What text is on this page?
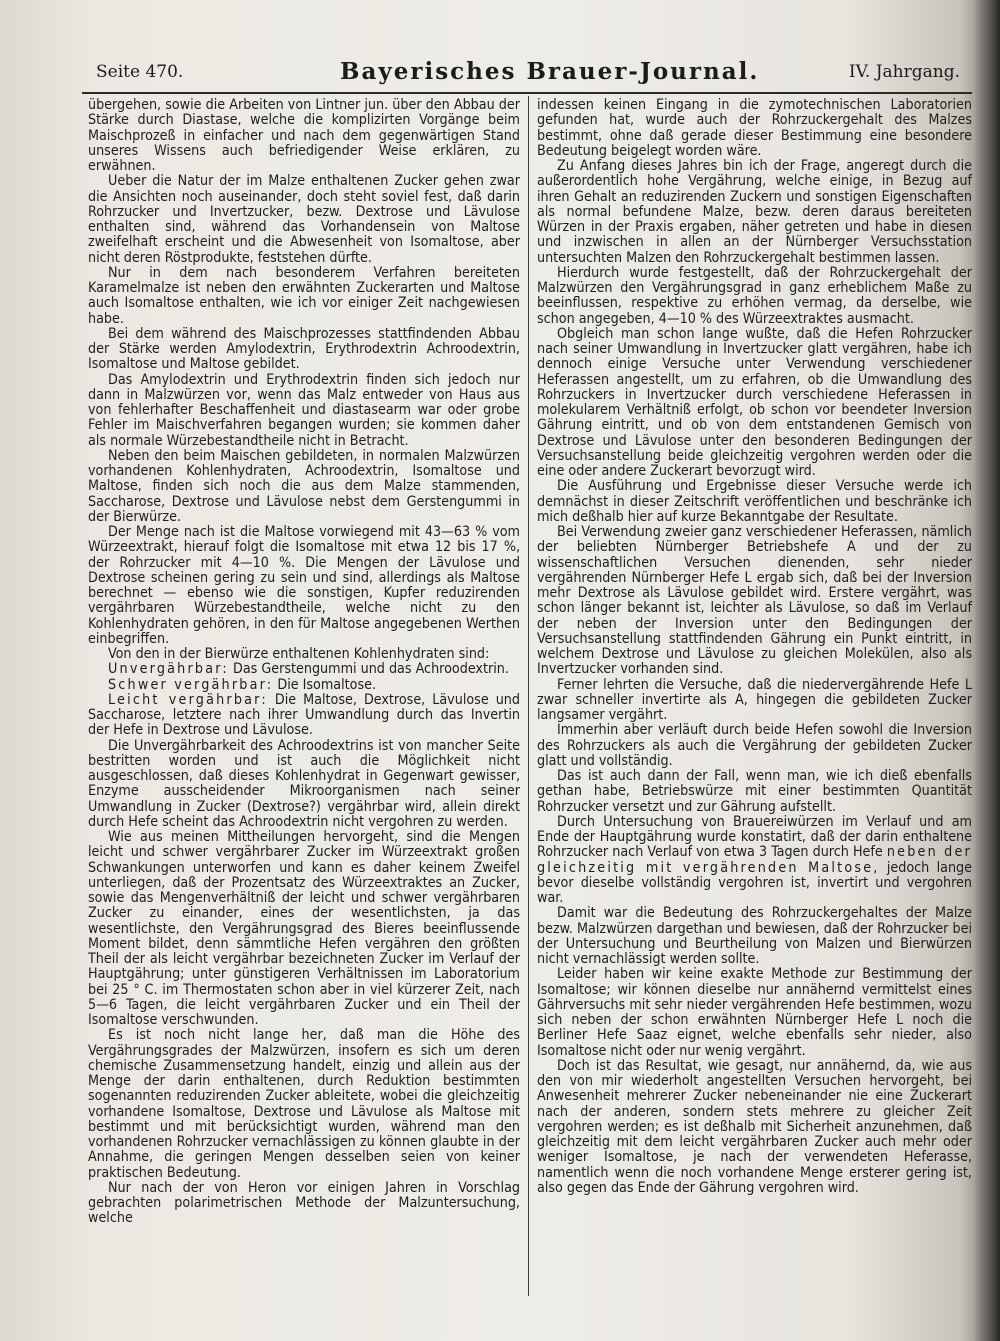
Seite 470.	Bayerisches Brauer-Journal.	IV. Jahrgang.

übergehen, sowie die Arbeiten von Lintner jun. über den Abbau der Stärke durch Diastase, welche die komplizirten Vorgänge beim Maischprozeß in einfacher und nach dem gegenwärtigen Stand unseres Wissens auch befriedigender Weise erklären, zu erwähnen.

Ueber die Natur der im Malze enthaltenen Zucker gehen zwar die Ansichten noch auseinander, doch steht soviel fest, daß darin Rohrzucker und Invertzucker, bezw. Dextrose und Lävulose enthalten sind, während das Vorhandensein von Maltose zweifelhaft erscheint und die Abwesenheit von Isomaltose, aber nicht deren Röstprodukte, feststehen dürfte.

Nur in dem nach besonderem Verfahren bereiteten Karamelmalze ist neben den erwähnten Zuckerarten und Maltose auch Isomaltose enthalten, wie ich vor einiger Zeit nachgewiesen habe.

Bei dem während des Maischprozesses stattfindenden Abbau der Stärke werden Amylodextrin, Erythrodextrin Achroodextrin, Isomaltose und Maltose gebildet.

Das Amylodextrin und Erythrodextrin finden sich jedoch nur dann in Malzwürzen vor, wenn das Malz entweder von Haus aus von fehlerhafter Beschaffenheit und diastasearm war oder grobe Fehler im Maischverfahren begangen wurden; sie kommen daher als normale Würzebestandtheile nicht in Betracht.

Neben den beim Maischen gebildeten, in normalen Malzwürzen vorhandenen Kohlenhydraten, Achroodextrin, Isomaltose und Maltose, finden sich noch die aus dem Malze stammenden, Saccharose, Dextrose und Lävulose nebst dem Gerstengummi in der Bierwürze.

Der Menge nach ist die Maltose vorwiegend mit 43—63 % vom Würzeextrakt, hierauf folgt die Isomaltose mit etwa 12 bis 17 %, der Rohrzucker mit 4—10 %. Die Mengen der Lävulose und Dextrose scheinen gering zu sein und sind, allerdings als Maltose berechnet — ebenso wie die sonstigen, Kupfer reduzirenden vergährbaren Würzebestandtheile, welche nicht zu den Kohlenhydraten gehören, in den für Maltose angegebenen Werthen einbegriffen.

Von den in der Bierwürze enthaltenen Kohlenhydraten sind:

Unvergährbar: Das Gerstengummi und das Achroodextrin.

Schwer vergährbar: Die Isomaltose.

Leicht vergährbar: Die Maltose, Dextrose, Lävulose und Saccharose, letztere nach ihrer Umwandlung durch das Invertin der Hefe in Dextrose und Lävulose.

Die Unvergährbarkeit des Achroodextrins ist von mancher Seite bestritten worden und ist auch die Möglichkeit nicht ausgeschlossen, daß dieses Kohlenhydrat in Gegenwart gewisser, Enzyme ausscheidender Mikroorganismen nach seiner Umwandlung in Zucker (Dextrose?) vergährbar wird, allein direkt durch Hefe scheint das Achroodextrin nicht vergohren zu werden.

Wie aus meinen Mittheilungen hervorgeht, sind die Mengen leicht und schwer vergährbarer Zucker im Würzeextrakt großen Schwankungen unterworfen und kann es daher keinem Zweifel unterliegen, daß der Prozentsatz des Würzeextraktes an Zucker, sowie das Mengenverhältniß der leicht und schwer vergährbaren Zucker zu einander, eines der wesentlichsten, ja das wesentlichste, den Vergährungsgrad des Bieres beeinflussende Moment bildet, denn sämmtliche Hefen vergähren den größten Theil der als leicht vergährbar bezeichneten Zucker im Verlauf der Hauptgährung; unter günstigeren Verhältnissen im Laboratorium bei 25 ° C. im Thermostaten schon aber in viel kürzerer Zeit, nach 5—6 Tagen, die leicht vergährbaren Zucker und ein Theil der Isomaltose verschwunden.

Es ist noch nicht lange her, daß man die Höhe des Vergährungsgrades der Malzwürzen, insofern es sich um deren chemische Zusammensetzung handelt, einzig und allein aus der Menge der darin enthaltenen, durch Reduktion bestimmten sogenannten reduzirenden Zucker ableitete, wobei die gleichzeitig vorhandene Isomaltose, Dextrose und Lävulose als Maltose mit bestimmt und mit berücksichtigt wurden, während man den vorhandenen Rohrzucker vernachlässigen zu können glaubte in der Annahme, die geringen Mengen desselben seien von keiner praktischen Bedeutung.

Nur nach der von Heron vor einigen Jahren in Vorschlag gebrachten polarimetrischen Methode der Malzuntersuchung, welche

indessen keinen Eingang in die zymotechnischen Laboratorien gefunden hat, wurde auch der Rohrzuckergehalt des Malzes bestimmt, ohne daß gerade dieser Bestimmung eine besondere Bedeutung beigelegt worden wäre.

Zu Anfang dieses Jahres bin ich der Frage, angeregt durch die außerordentlich hohe Vergährung, welche einige, in Bezug auf ihren Gehalt an reduzirenden Zuckern und sonstigen Eigenschaften als normal befundene Malze, bezw. deren daraus bereiteten Würzen in der Praxis ergaben, näher getreten und habe in diesen und inzwischen in allen an der Nürnberger Versuchsstation untersuchten Malzen den Rohrzuckergehalt bestimmen lassen.

Hierdurch wurde festgestellt, daß der Rohrzuckergehalt der Malzwürzen den Vergährungsgrad in ganz erheblichem Maße zu beeinflussen, respektive zu erhöhen vermag, da derselbe, wie schon angegeben, 4—10 % des Würzeextraktes ausmacht.

Obgleich man schon lange wußte, daß die Hefen Rohrzucker nach seiner Umwandlung in Invertzucker glatt vergähren, habe ich dennoch einige Versuche unter Verwendung verschiedener Heferassen angestellt, um zu erfahren, ob die Umwandlung des Rohrzuckers in Invertzucker durch verschiedene Heferassen in molekularem Verhältniß erfolgt, ob schon vor beendeter Inversion Gährung eintritt, und ob von dem entstandenen Gemisch von Dextrose und Lävulose unter den besonderen Bedingungen der Versuchsanstellung beide gleichzeitig vergohren werden oder die eine oder andere Zuckerart bevorzugt wird.

Die Ausführung und Ergebnisse dieser Versuche werde ich demnächst in dieser Zeitschrift veröffentlichen und beschränke ich mich deßhalb hier auf kurze Bekanntgabe der Resultate.

Bei Verwendung zweier ganz verschiedener Heferassen, nämlich der beliebten Nürnberger Betriebshefe A und der zu wissenschaftlichen Versuchen dienenden, sehr nieder vergährenden Nürnberger Hefe L ergab sich, daß bei der Inversion mehr Dextrose als Lävulose gebildet wird. Erstere vergährt, was schon länger bekannt ist, leichter als Lävulose, so daß im Verlauf der neben der Inversion unter den Bedingungen der Versuchsanstellung stattfindenden Gährung ein Punkt eintritt, in welchem Dextrose und Lävulose zu gleichen Molekülen, also als Invertzucker vorhanden sind.

Ferner lehrten die Versuche, daß die niedervergährende Hefe L zwar schneller invertirte als A, hingegen die gebildeten Zucker langsamer vergährt.

Immerhin aber verläuft durch beide Hefen sowohl die Inversion des Rohrzuckers als auch die Vergährung der gebildeten Zucker glatt und vollständig.

Das ist auch dann der Fall, wenn man, wie ich dieß ebenfalls gethan habe, Betriebswürze mit einer bestimmten Quantität Rohrzucker versetzt und zur Gährung aufstellt.

Durch Untersuchung von Brauereiwürzen im Verlauf und am Ende der Hauptgährung wurde konstatirt, daß der darin enthaltene Rohrzucker nach Verlauf von etwa 3 Tagen durch Hefe neben der gleichzeitig mit vergährenden Maltose, jedoch lange bevor dieselbe vollständig vergohren ist, invertirt und vergohren war.

Damit war die Bedeutung des Rohrzuckergehaltes der Malze bezw. Malzwürzen dargethan und bewiesen, daß der Rohrzucker bei der Untersuchung und Beurtheilung von Malzen und Bierwürzen nicht vernachlässigt werden sollte.

Leider haben wir keine exakte Methode zur Bestimmung der Isomaltose; wir können dieselbe nur annähernd vermittelst eines Gährversuchs mit sehr nieder vergährenden Hefe bestimmen, wozu sich neben der schon erwähnten Nürnberger Hefe L noch die Berliner Hefe Saaz eignet, welche ebenfalls sehr nieder, also Isomaltose nicht oder nur wenig vergährt.

Doch ist das Resultat, wie gesagt, nur annähernd, da, wie aus den von mir wiederholt angestellten Versuchen hervorgeht, bei Anwesenheit mehrerer Zucker nebeneinander nie eine Zuckerart nach der anderen, sondern stets mehrere zu gleicher Zeit vergohren werden; es ist deßhalb mit Sicherheit anzunehmen, daß gleichzeitig mit dem leicht vergährbaren Zucker auch mehr oder weniger Isomaltose, je nach der verwendeten Heferasse, namentlich wenn die noch vorhandene Menge ersterer gering ist, also gegen das Ende der Gährung vergohren wird.
